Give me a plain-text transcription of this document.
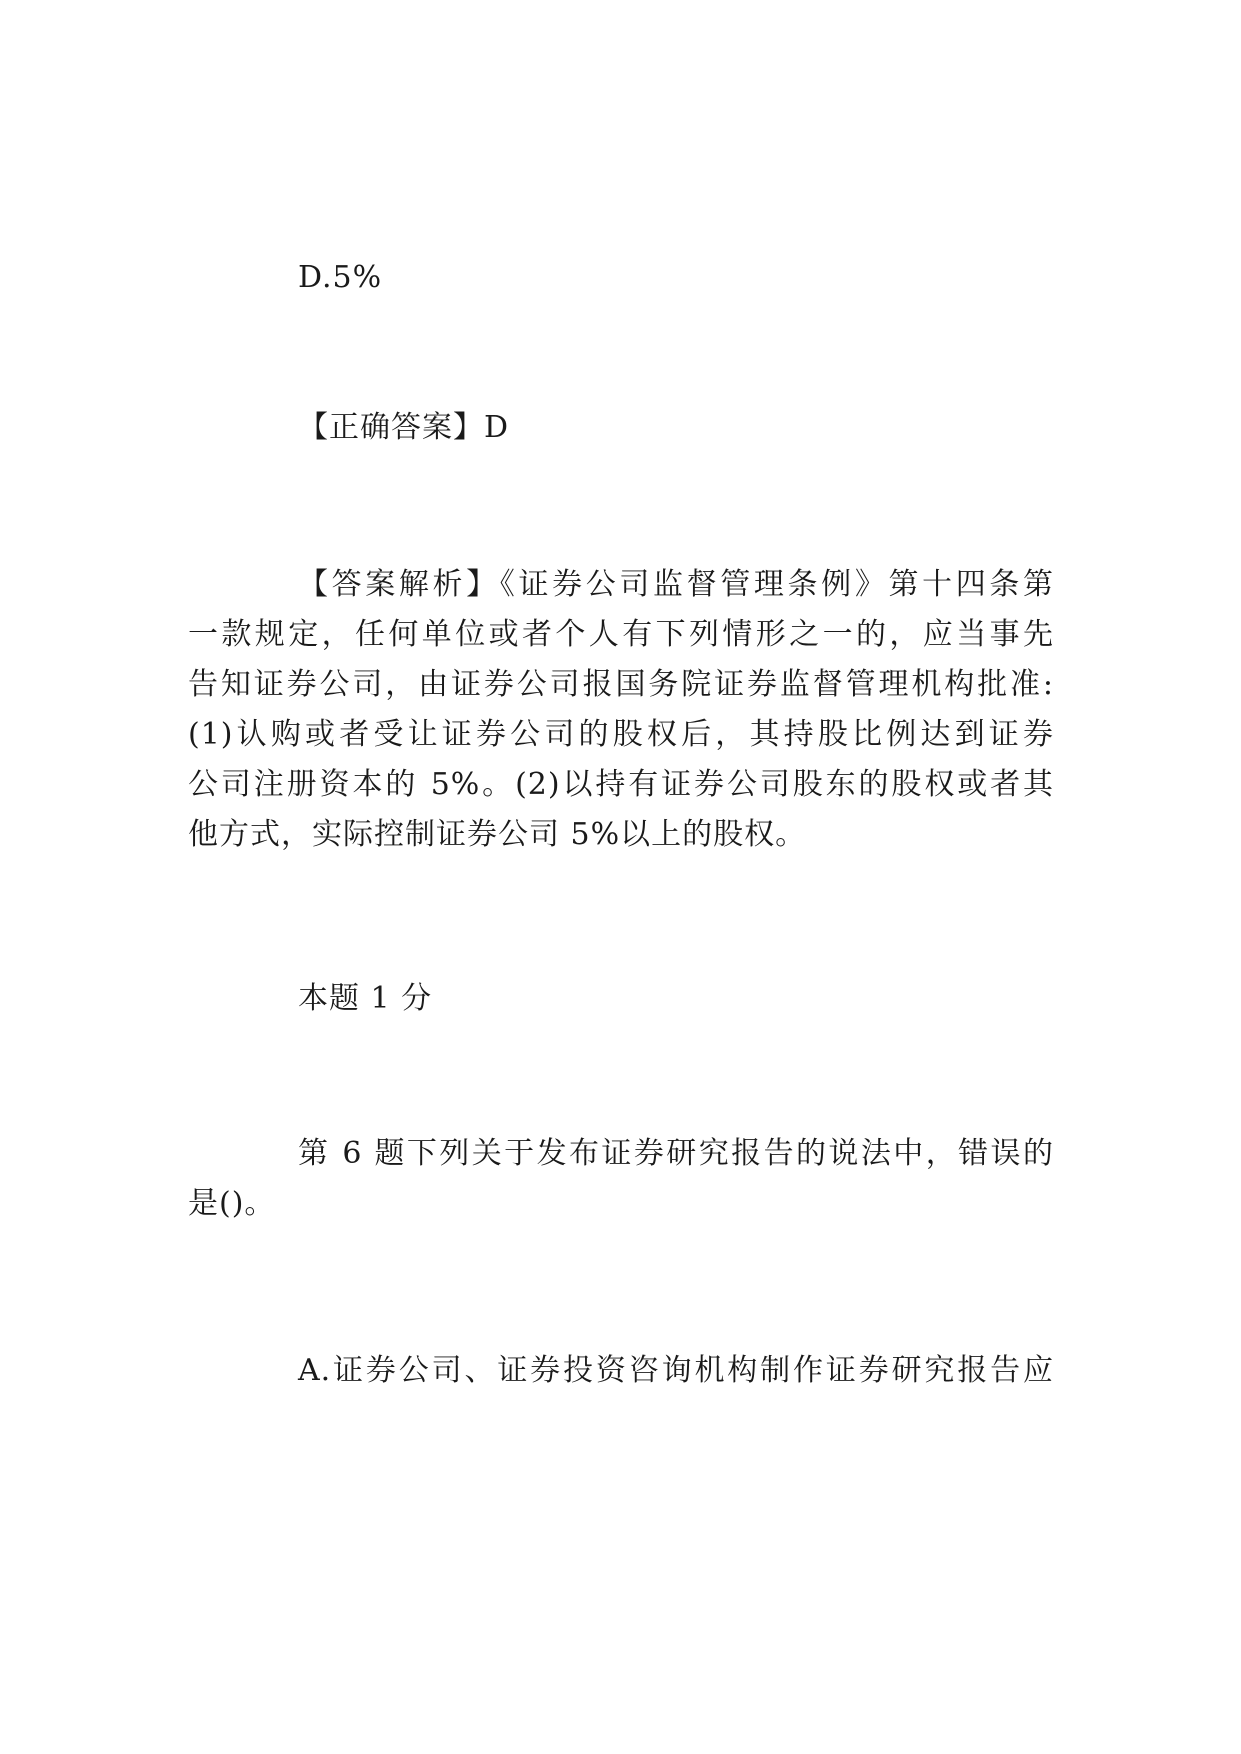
D.5%

【正确答案】D

【答案解析】《证券公司监督管理条例》第十四条第
一款规定，任何单位或者个人有下列情形之一的，应当事先
告知证券公司，由证券公司报国务院证券监督管理机构批准:
(1)认购或者受让证券公司的股权后，其持股比例达到证券
公司注册资本的 5%。(2)以持有证券公司股东的股权或者其
他方式，实际控制证券公司 5%以上的股权。

本题 1 分

第 6 题下列关于发布证券研究报告的说法中，错误的
是()。
A.证券公司、证券投资咨询机构制作证券研究报告应
